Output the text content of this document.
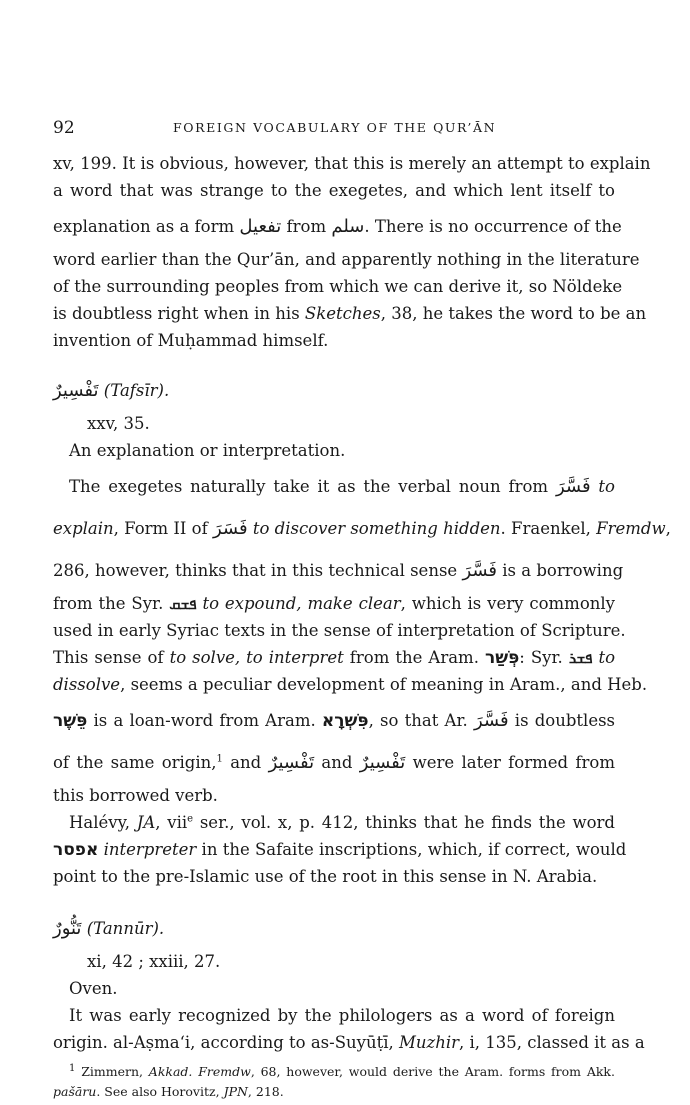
92	FOREIGN VOCABULARY OF THE QUR’ĀN
xv, 199. It is obvious, however, that this is merely an attempt to explain
a word that was strange to the exegetes, and which lent itself to
explanation as a form تفعيل from سلم. There is no occurrence of the
word earlier than the Qur’ān, and apparently nothing in the literature
of the surrounding peoples from which we can derive it, so Nöldeke
is doubtless right when in his Sketches, 38, he takes the word to be an
invention of Muḥammad himself.
تَفْسِيرٌ (Tafsīr).
xxv, 35.
An explanation or interpretation.
The exegetes naturally take it as the verbal noun from فَسَّرَ to
explain, Form II of فَسَرَ to discover something hidden. Fraenkel, Fremdw,
286, however, thinks that in this technical sense فَسَّرَ is a borrowing
from the Syr. ܦܫܩ to expound, make clear, which is very commonly
used in early Syriac texts in the sense of interpretation of Scripture.
This sense of to solve, to interpret from the Aram. פְּשַׁר: Syr. ܦܫܪ to
dissolve, seems a peculiar development of meaning in Aram., and Heb.
פֵּשֶׁר is a loan-word from Aram. פִּשְׁרָא, so that Ar. فَسَّرَ is doubtless
of the same origin,$^1$ and تَفْسِيرٌ and تَفْسِيرٌ were later formed from
this borrowed verb.
Halévy, JA, vii$^e$ ser., vol. x, p. 412, thinks that he finds the word
אפסר interpreter in the Safaite inscriptions, which, if correct, would
point to the pre-Islamic use of the root in this sense in N. Arabia.
تَنُّورٌ (Tannūr).
xi, 42 ; xxiii, 27.
Oven.
It was early recognized by the philologers as a word of foreign
origin. al-Aṣma‘i, according to as-Suyūṭī, Muzhir, i, 135, classed it as a
$^1$ Zimmern, Akkad. Fremdw, 68, however, would derive the Aram. forms from Akk.
pašāru. See also Horovitz, JPN, 218.
